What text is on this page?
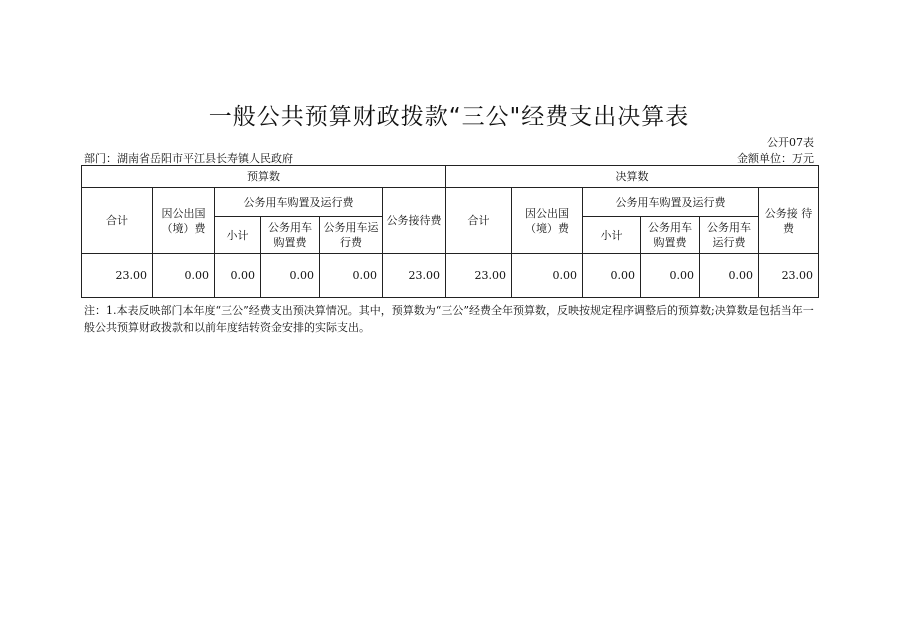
一般公共预算财政拨款“三公"经费支出决算表
公开07表
部门：湖南省岳阳市平江县长寿镇人民政府	金额单位：万元
预算数						决算数					
合计	因公出国（境）费	公务用车购置及运行费			公务接待费	合计	因公出国（境）费	公务用车购置及运行费			公务接 待费
		小计	公务用车购置费	公务用车运行费				小计	公务用车购置费	公务用车运行费	
23.00	0.00	0.00	0.00	0.00	23.00	23.00	0.00	0.00	0.00	0.00	23.00
注：1.本表反映部门本年度“三公”经费支出预决算情况。其中，预算数为“三公”经费全年预算数，反映按规定程序调整后的预算数;决算数是包括当年一般公共预算财政拨款和以前年度结转资金安排的实际支出。
